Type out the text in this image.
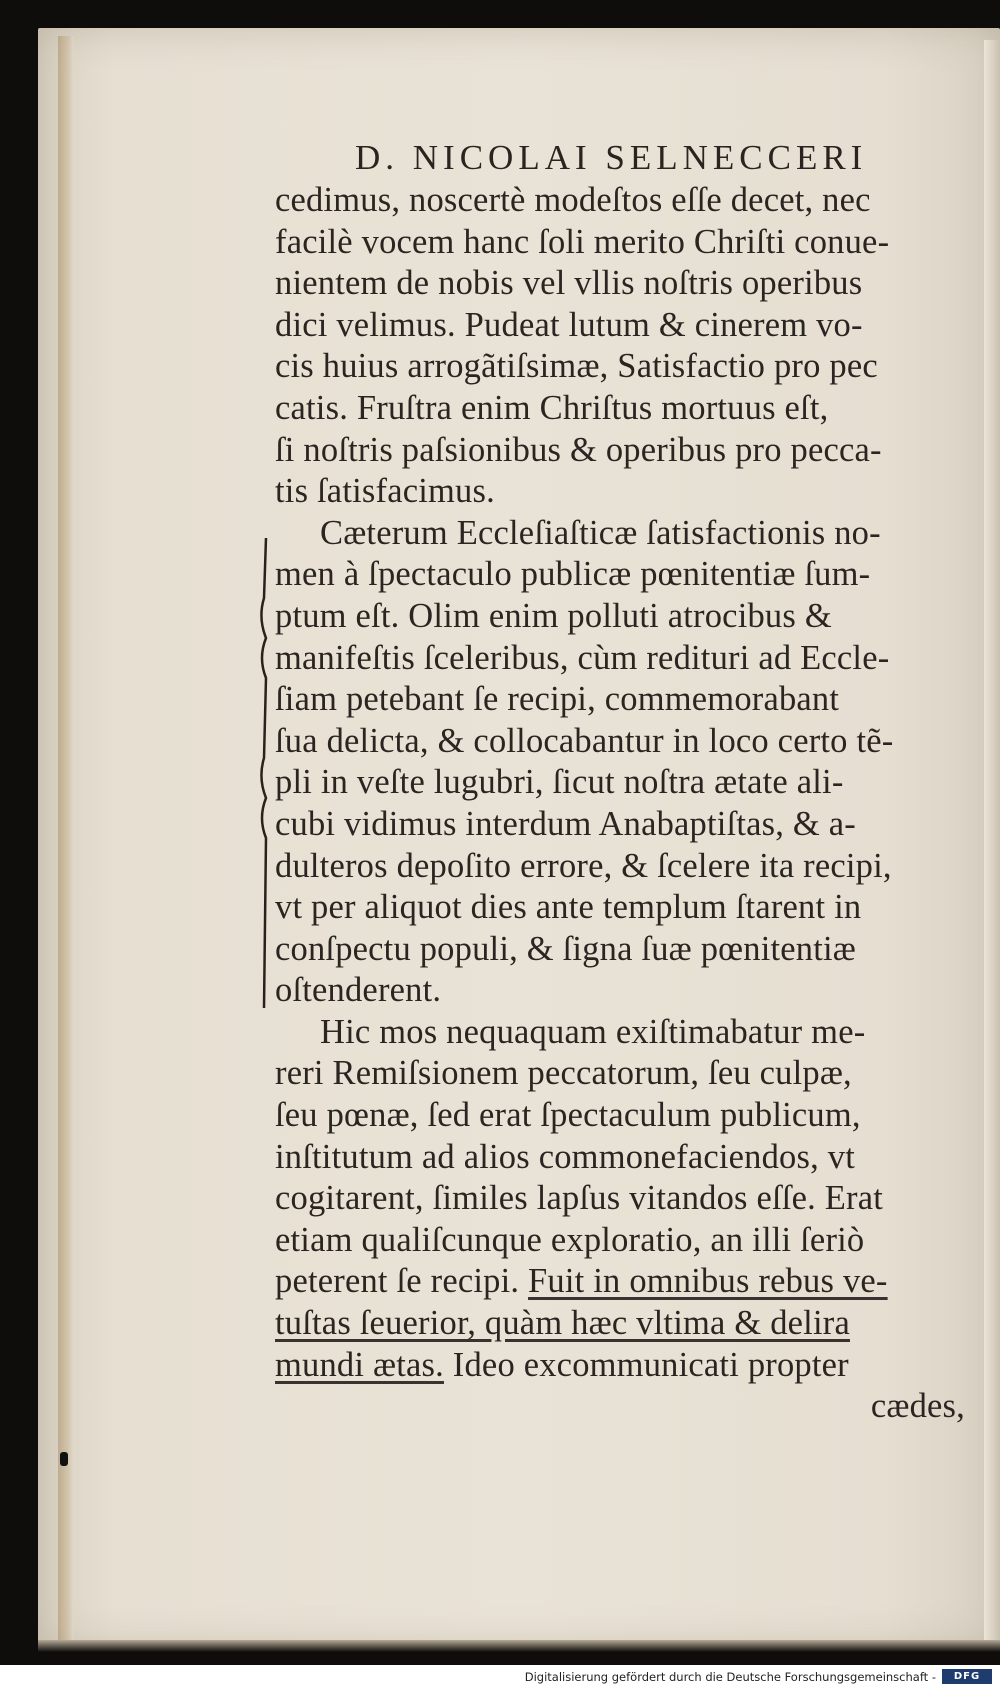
D. NICOLAI SELNECCERI
cedimus, noscertè modeſtos eſſe decet, nec
facilè vocem hanc ſoli merito Chriſti conue-
nientem de nobis vel vllis noſtris operibus
dici velimus. Pudeat lutum & cinerem vo-
cis huius arrogãtiſsimæ, Satisfactio pro pec
catis. Fruſtra enim Chriſtus mortuus eſt,
ſi noſtris paſsionibus & operibus pro pecca-
tis ſatisfacimus.
Cæterum Eccleſiaſticæ ſatisfactionis no-
men à ſpectaculo publicæ pœnitentiæ ſum-
ptum eſt. Olim enim polluti atrocibus &
manifeſtis ſceleribus, cùm redituri ad Eccle-
ſiam petebant ſe recipi, commemorabant
ſua delicta, & collocabantur in loco certo tẽ-
pli in veſte lugubri, ſicut noſtra ætate ali-
cubi vidimus interdum Anabaptiſtas, & a-
dulteros depoſito errore, & ſcelere ita recipi,
vt per aliquot dies ante templum ſtarent in
conſpectu populi, & ſigna ſuæ pœnitentiæ
oſtenderent.
Hic mos nequaquam exiſtimabatur me-
reri Remiſsionem peccatorum, ſeu culpæ,
ſeu pœnæ, ſed erat ſpectaculum publicum,
inſtitutum ad alios commonefaciendos, vt
cogitarent, ſimiles lapſus vitandos eſſe. Erat
etiam qualiſcunque exploratio, an illi ſeriò
peterent ſe recipi. Fuit in omnibus rebus ve-
tuſtas ſeuerior, quàm hæc vltima & delira
mundi ætas. Ideo excommunicati propter
cædes,
Digitalisierung gefördert durch die Deutsche Forschungsgemeinschaft -	DFG
